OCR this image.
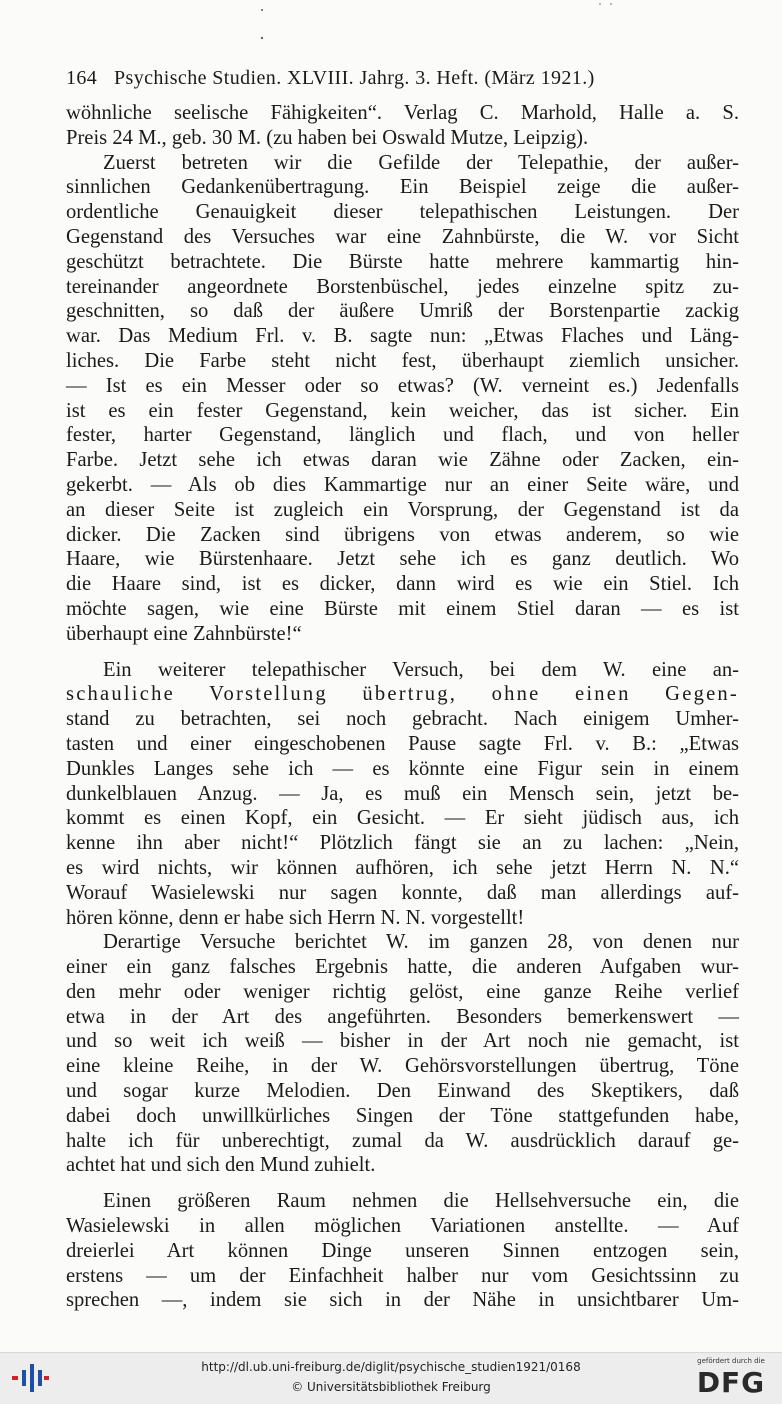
164 Psychische Studien. XLVIII. Jahrg. 3. Heft. (März 1921.)
wöhnliche seelische Fähigkeiten“. Verlag C. Marhold, Halle a. S.
Preis 24 M., geb. 30 M. (zu haben bei Oswald Mutze, Leipzig).
Zuerst betreten wir die Gefilde der Telepathie, der außer-
sinnlichen Gedankenübertragung. Ein Beispiel zeige die außer-
ordentliche Genauigkeit dieser telepathischen Leistungen. Der
Gegenstand des Versuches war eine Zahnbürste, die W. vor Sicht
geschützt betrachtete. Die Bürste hatte mehrere kammartig hin-
tereinander angeordnete Borstenbüschel, jedes einzelne spitz zu-
geschnitten, so daß der äußere Umriß der Borstenpartie zackig
war. Das Medium Frl. v. B. sagte nun: „Etwas Flaches und Läng-
liches. Die Farbe steht nicht fest, überhaupt ziemlich unsicher.
— Ist es ein Messer oder so etwas? (W. verneint es.) Jedenfalls
ist es ein fester Gegenstand, kein weicher, das ist sicher. Ein
fester, harter Gegenstand, länglich und flach, und von heller
Farbe. Jetzt sehe ich etwas daran wie Zähne oder Zacken, ein-
gekerbt. — Als ob dies Kammartige nur an einer Seite wäre, und
an dieser Seite ist zugleich ein Vorsprung, der Gegenstand ist da
dicker. Die Zacken sind übrigens von etwas anderem, so wie
Haare, wie Bürstenhaare. Jetzt sehe ich es ganz deutlich. Wo
die Haare sind, ist es dicker, dann wird es wie ein Stiel. Ich
möchte sagen, wie eine Bürste mit einem Stiel daran — es ist
überhaupt eine Zahnbürste!“
Ein weiterer telepathischer Versuch, bei dem W. eine an-
schauliche Vorstellung übertrug, ohne einen Gegen-
stand zu betrachten, sei noch gebracht. Nach einigem Umher-
tasten und einer eingeschobenen Pause sagte Frl. v. B.: „Etwas
Dunkles Langes sehe ich — es könnte eine Figur sein in einem
dunkelblauen Anzug. — Ja, es muß ein Mensch sein, jetzt be-
kommt es einen Kopf, ein Gesicht. — Er sieht jüdisch aus, ich
kenne ihn aber nicht!“ Plötzlich fängt sie an zu lachen: „Nein,
es wird nichts, wir können aufhören, ich sehe jetzt Herrn N. N.“
Worauf Wasielewski nur sagen konnte, daß man allerdings auf-
hören könne, denn er habe sich Herrn N. N. vorgestellt!
Derartige Versuche berichtet W. im ganzen 28, von denen nur
einer ein ganz falsches Ergebnis hatte, die anderen Aufgaben wur-
den mehr oder weniger richtig gelöst, eine ganze Reihe verlief
etwa in der Art des angeführten. Besonders bemerkenswert —
und so weit ich weiß — bisher in der Art noch nie gemacht, ist
eine kleine Reihe, in der W. Gehörsvorstellungen übertrug, Töne
und sogar kurze Melodien. Den Einwand des Skeptikers, daß
dabei doch unwillkürliches Singen der Töne stattgefunden habe,
halte ich für unberechtigt, zumal da W. ausdrücklich darauf ge-
achtet hat und sich den Mund zuhielt.
Einen größeren Raum nehmen die Hellsehversuche ein, die
Wasielewski in allen möglichen Variationen anstellte. — Auf
dreierlei Art können Dinge unseren Sinnen entzogen sein,
erstens — um der Einfachheit halber nur vom Gesichtssinn zu
sprechen —, indem sie sich in der Nähe in unsichtbarer Um-
http://dl.ub.uni-freiburg.de/diglit/psychische_studien1921/0168
© Universitätsbibliothek Freiburg
gefördert durch die
DFG
